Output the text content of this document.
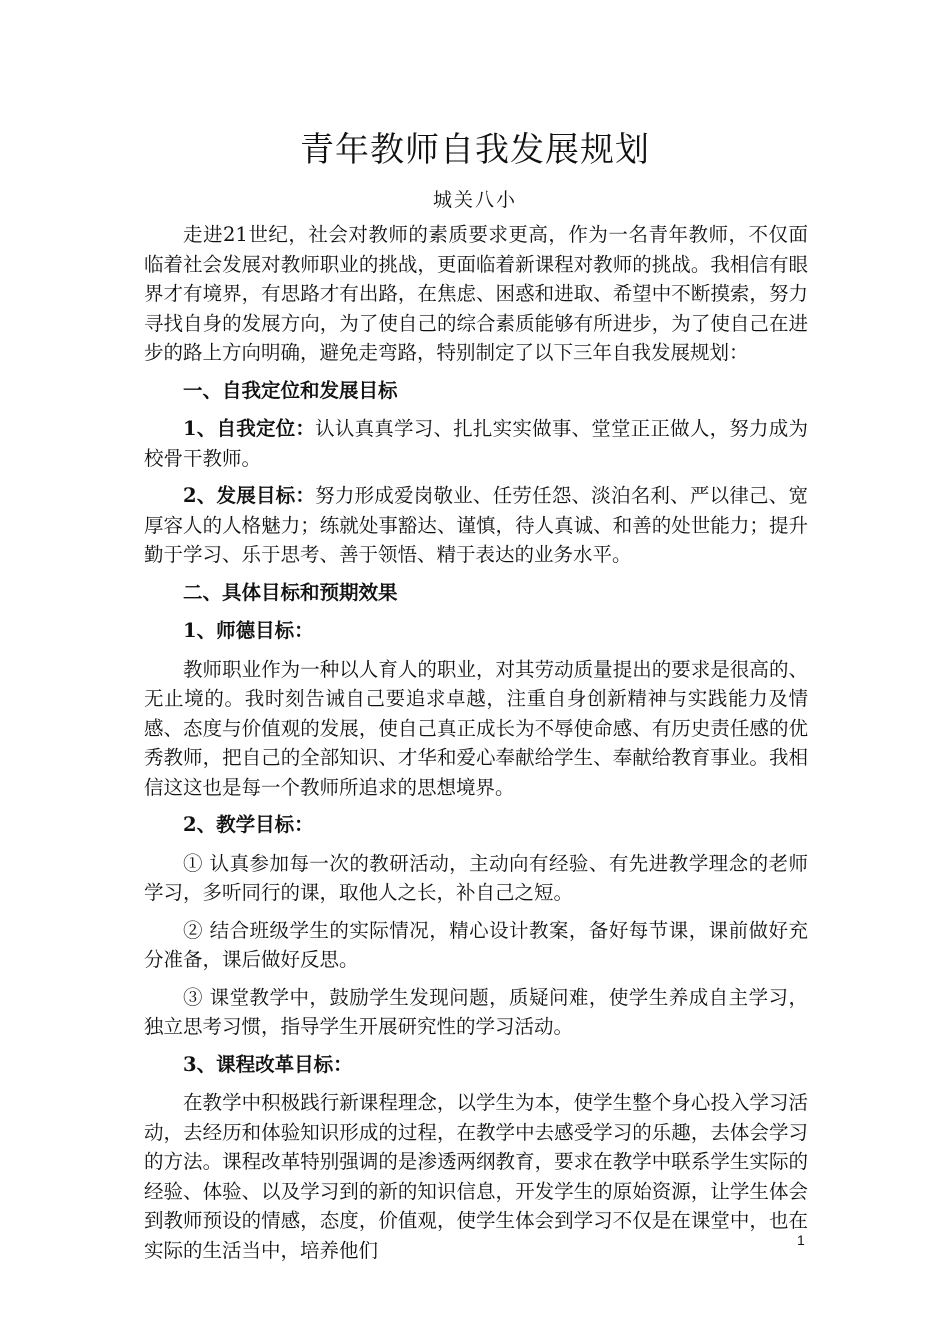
青年教师自我发展规划
城关八小

走进21世纪，社会对教师的素质要求更高，作为一名青年教师，不仅面临着社会发展对教师职业的挑战，更面临着新课程对教师的挑战。我相信有眼界才有境界，有思路才有出路，在焦虑、困惑和进取、希望中不断摸索，努力寻找自身的发展方向，为了使自己的综合素质能够有所进步，为了使自己在进步的路上方向明确，避免走弯路，特别制定了以下三年自我发展规划：

一、自我定位和发展目标

1、自我定位：认认真真学习、扎扎实实做事、堂堂正正做人，努力成为校骨干教师。

2、发展目标：努力形成爱岗敬业、任劳任怨、淡泊名利、严以律己、宽厚容人的人格魅力；练就处事豁达、谨慎，待人真诚、和善的处世能力；提升勤于学习、乐于思考、善于领悟、精于表达的业务水平。

二、具体目标和预期效果

1、师德目标：

教师职业作为一种以人育人的职业，对其劳动质量提出的要求是很高的、无止境的。我时刻告诫自己要追求卓越，注重自身创新精神与实践能力及情感、态度与价值观的发展，使自己真正成长为不辱使命感、有历史责任感的优秀教师，把自己的全部知识、才华和爱心奉献给学生、奉献给教育事业。我相信这这也是每一个教师所追求的思想境界。

2、教学目标：

① 认真参加每一次的教研活动，主动向有经验、有先进教学理念的老师学习，多听同行的课，取他人之长，补自己之短。

② 结合班级学生的实际情况，精心设计教案，备好每节课，课前做好充分准备，课后做好反思。

③ 课堂教学中，鼓励学生发现问题，质疑问难，使学生养成自主学习，独立思考习惯，指导学生开展研究性的学习活动。

3、课程改革目标：

在教学中积极践行新课程理念，以学生为本，使学生整个身心投入学习活动，去经历和体验知识形成的过程，在教学中去感受学习的乐趣，去体会学习的方法。课程改革特别强调的是渗透两纲教育，要求在教学中联系学生实际的经验、体验、以及学习到的新的知识信息，开发学生的原始资源，让学生体会到教师预设的情感，态度，价值观，使学生体会到学习不仅是在课堂中，也在实际的生活当中，培养他们	1
